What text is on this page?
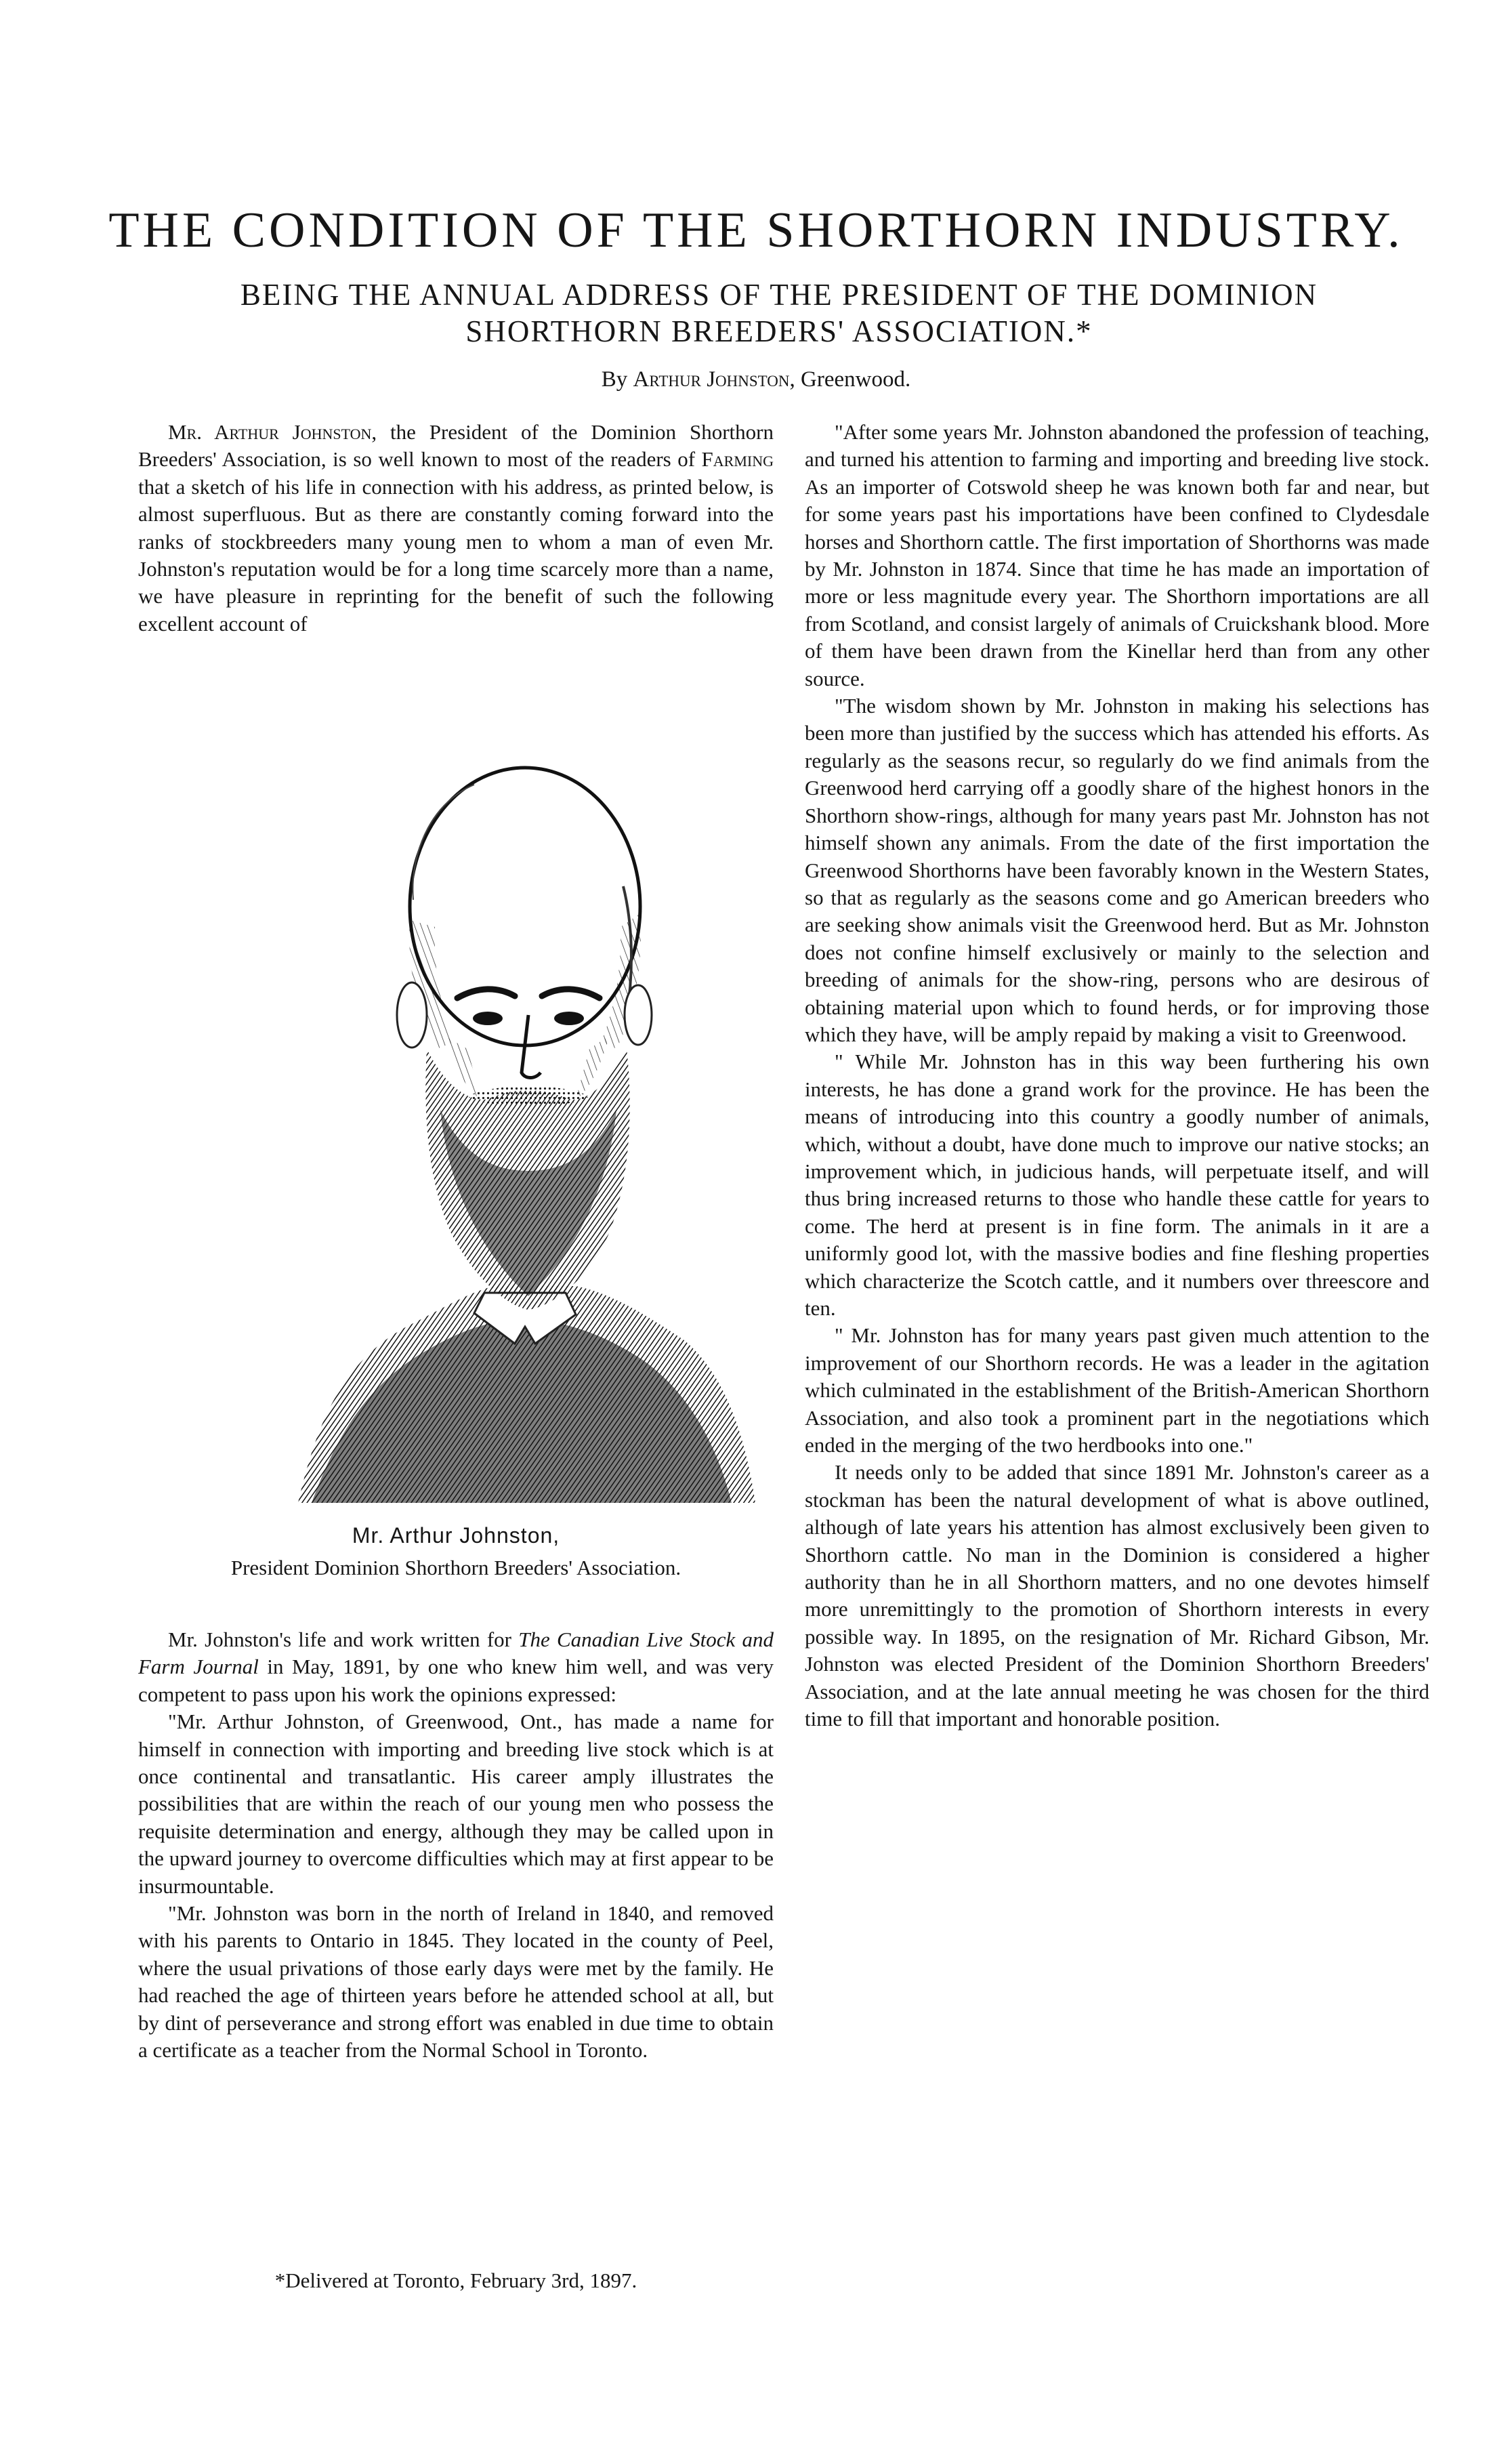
THE CONDITION OF THE SHORTHORN INDUSTRY.
BEING THE ANNUAL ADDRESS OF THE PRESIDENT OF THE DOMINION SHORTHORN BREEDERS' ASSOCIATION.*
By Arthur Johnston, Greenwood.

Mr. Arthur Johnston, the President of the Dominion Shorthorn Breeders' Association, is so well known to most of the readers of Farming that a sketch of his life in connection with his address, as printed below, is almost superfluous. But as there are constantly coming forward into the ranks of stockbreeders many young men to whom a man of even Mr. Johnston's reputation would be for a long time scarcely more than a name, we have pleasure in reprinting for the benefit of such the following excellent account of

Mr. Arthur Johnston,
President Dominion Shorthorn Breeders' Association.

Mr. Johnston's life and work written for The Canadian Live Stock and Farm Journal in May, 1891, by one who knew him well, and was very competent to pass upon his work the opinions expressed:

"Mr. Arthur Johnston, of Greenwood, Ont., has made a name for himself in connection with importing and breeding live stock which is at once continental and transatlantic. His career amply illustrates the possibilities that are within the reach of our young men who possess the requisite determination and energy, although they may be called upon in the upward journey to overcome difficulties which may at first appear to be insurmountable.

"Mr. Johnston was born in the north of Ireland in 1840, and removed with his parents to Ontario in 1845. They located in the county of Peel, where the usual privations of those early days were met by the family. He had reached the age of thirteen years before he attended school at all, but by dint of perseverance and strong effort was enabled in due time to obtain a certificate as a teacher from the Normal School in Toronto.

*Delivered at Toronto, February 3rd, 1897.

"After some years Mr. Johnston abandoned the profession of teaching, and turned his attention to farming and importing and breeding live stock. As an importer of Cotswold sheep he was known both far and near, but for some years past his importations have been confined to Clydesdale horses and Shorthorn cattle. The first importation of Shorthorns was made by Mr. Johnston in 1874. Since that time he has made an importation of more or less magnitude every year. The Shorthorn importations are all from Scotland, and consist largely of animals of Cruickshank blood. More of them have been drawn from the Kinellar herd than from any other source.

"The wisdom shown by Mr. Johnston in making his selections has been more than justified by the success which has attended his efforts. As regularly as the seasons recur, so regularly do we find animals from the Greenwood herd carrying off a goodly share of the highest honors in the Shorthorn show-rings, although for many years past Mr. Johnston has not himself shown any animals. From the date of the first importation the Greenwood Shorthorns have been favorably known in the Western States, so that as regularly as the seasons come and go American breeders who are seeking show animals visit the Greenwood herd. But as Mr. Johnston does not confine himself exclusively or mainly to the selection and breeding of animals for the show-ring, persons who are desirous of obtaining material upon which to found herds, or for improving those which they have, will be amply repaid by making a visit to Greenwood.

" While Mr. Johnston has in this way been furthering his own interests, he has done a grand work for the province. He has been the means of introducing into this country a goodly number of animals, which, without a doubt, have done much to improve our native stocks; an improvement which, in judicious hands, will perpetuate itself, and will thus bring increased returns to those who handle these cattle for years to come. The herd at present is in fine form. The animals in it are a uniformly good lot, with the massive bodies and fine fleshing properties which characterize the Scotch cattle, and it numbers over threescore and ten.

" Mr. Johnston has for many years past given much attention to the improvement of our Shorthorn records. He was a leader in the agitation which culminated in the establishment of the British-American Shorthorn Association, and also took a prominent part in the negotiations which ended in the merging of the two herdbooks into one."

It needs only to be added that since 1891 Mr. Johnston's career as a stockman has been the natural development of what is above outlined, although of late years his attention has almost exclusively been given to Shorthorn cattle. No man in the Dominion is considered a higher authority than he in all Shorthorn matters, and no one devotes himself more unremittingly to the promotion of Shorthorn interests in every possible way. In 1895, on the resignation of Mr. Richard Gibson, Mr. Johnston was elected President of the Dominion Shorthorn Breeders' Association, and at the late annual meeting he was chosen for the third time to fill that important and honorable position.
